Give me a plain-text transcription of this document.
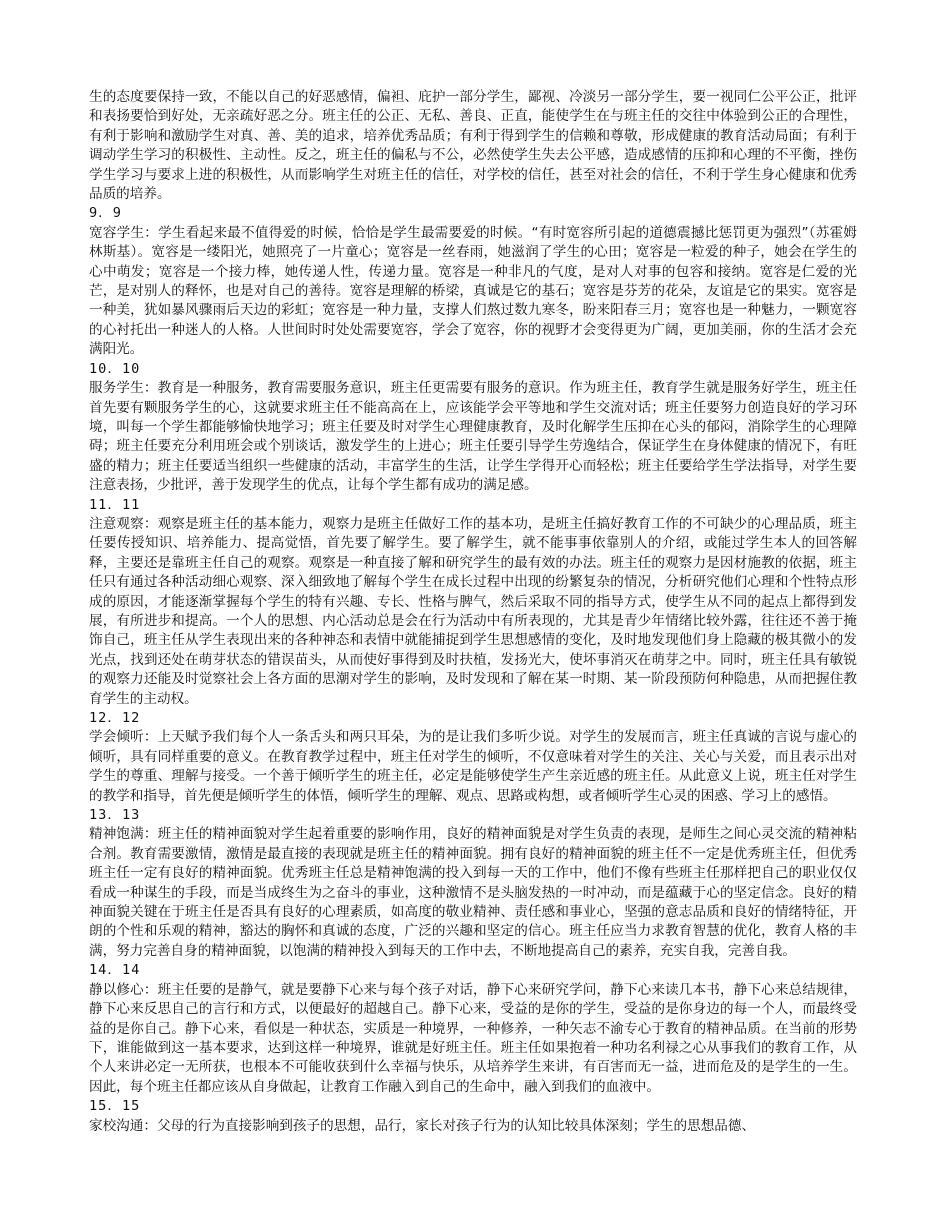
生的态度要保持一致，不能以自己的好恶感情，偏袒、庇护一部分学生，鄙视、冷淡另一部分学生，要一视同仁公平公正，批评和表扬要恰到好处，无亲疏好恶之分。班主任的公正、无私、善良、正直，能使学生在与班主任的交往中体验到公正的合理性，有利于影响和激励学生对真、善、美的追求，培养优秀品质；有利于得到学生的信赖和尊敬，形成健康的教育活动局面；有利于调动学生学习的积极性、主动性。反之，班主任的偏私与不公，必然使学生失去公平感，造成感情的压抑和心理的不平衡，挫伤学生学习与要求上进的积极性，从而影响学生对班主任的信任，对学校的信任，甚至对社会的信任，不利于学生身心健康和优秀品质的培养。

9．9

宽容学生：学生看起来最不值得爱的时候，恰恰是学生最需要爱的时候。“有时宽容所引起的道德震撼比惩罚更为强烈”（苏霍姆林斯基）。宽容是一缕阳光，她照亮了一片童心；宽容是一丝春雨，她滋润了学生的心田；宽容是一粒爱的种子，她会在学生的心中萌发；宽容是一个接力棒，她传递人性，传递力量。宽容是一种非凡的气度，是对人对事的包容和接纳。宽容是仁爱的光芒，是对别人的释怀，也是对自己的善待。宽容是理解的桥梁，真诚是它的基石；宽容是芬芳的花朵，友谊是它的果实。宽容是一种美，犹如暴风骤雨后天边的彩虹；宽容是一种力量，支撑人们熬过数九寒冬，盼来阳春三月；宽容也是一种魅力，一颗宽容的心衬托出一种迷人的人格。人世间时时处处需要宽容，学会了宽容，你的视野才会变得更为广阔，更加美丽，你的生活才会充满阳光。

10．10

服务学生：教育是一种服务，教育需要服务意识，班主任更需要有服务的意识。作为班主任，教育学生就是服务好学生，班主任首先要有颗服务学生的心，这就要求班主任不能高高在上，应该能学会平等地和学生交流对话；班主任要努力创造良好的学习环境，叫每一个学生都能够愉快地学习；班主任要及时对学生心理健康教育，及时化解学生压抑在心头的郁闷，消除学生的心理障碍；班主任要充分利用班会或个别谈话，激发学生的上进心；班主任要引导学生劳逸结合，保证学生在身体健康的情况下，有旺盛的精力；班主任要适当组织一些健康的活动，丰富学生的生活，让学生学得开心而轻松；班主任要给学生学法指导，对学生要注意表扬，少批评，善于发现学生的优点，让每个学生都有成功的满足感。

11．11

注意观察：观察是班主任的基本能力，观察力是班主任做好工作的基本功，是班主任搞好教育工作的不可缺少的心理品质，班主任要传授知识、培养能力、提高觉悟，首先要了解学生。要了解学生，就不能事事依靠别人的介绍，或能过学生本人的回答解释，主要还是靠班主任自己的观察。观察是一种直接了解和研究学生的最有效的办法。班主任的观察力是因材施教的依据，班主任只有通过各种活动细心观察、深入细致地了解每个学生在成长过程中出现的纷繁复杂的情况，分析研究他们心理和个性特点形成的原因，才能逐渐掌握每个学生的特有兴趣、专长、性格与脾气，然后采取不同的指导方式，使学生从不同的起点上都得到发展，有所进步和提高。一个人的思想、内心活动总是会在行为活动中有所表现的，尤其是青少年情绪比较外露，往往还不善于掩饰自己，班主任从学生表现出来的各种神态和表情中就能捕捉到学生思想感情的变化，及时地发现他们身上隐藏的极其微小的发光点，找到还处在萌芽状态的错误苗头，从而使好事得到及时扶植，发扬光大，使坏事消灭在萌芽之中。同时，班主任具有敏锐的观察力还能及时觉察社会上各方面的思潮对学生的影响，及时发现和了解在某一时期、某一阶段预防何种隐患，从而把握住教育学生的主动权。

12．12

学会倾听：上天赋予我们每个人一条舌头和两只耳朵，为的是让我们多听少说。对学生的发展而言，班主任真诚的言说与虚心的倾听，具有同样重要的意义。在教育教学过程中，班主任对学生的倾听，不仅意味着对学生的关注、关心与关爱，而且表示出对学生的尊重、理解与接受。一个善于倾听学生的班主任，必定是能够使学生产生亲近感的班主任。从此意义上说，班主任对学生的教学和指导，首先便是倾听学生的体悟，倾听学生的理解、观点、思路或构想，或者倾听学生心灵的困惑、学习上的感悟。

13．13

精神饱满：班主任的精神面貌对学生起着重要的影响作用，良好的精神面貌是对学生负责的表现，是师生之间心灵交流的精神粘合剂。教育需要激情，激情是最直接的表现就是班主任的精神面貌。拥有良好的精神面貌的班主任不一定是优秀班主任，但优秀班主任一定有良好的精神面貌。优秀班主任总是精神饱满的投入到每一天的工作中，他们不像有些班主任那样把自己的职业仅仅看成一种谋生的手段，而是当成终生为之奋斗的事业，这种激情不是头脑发热的一时冲动，而是蕴藏于心的坚定信念。良好的精神面貌关键在于班主任是否具有良好的心理素质，如高度的敬业精神、责任感和事业心，坚强的意志品质和良好的情绪特征，开朗的个性和乐观的精神，豁达的胸怀和真诚的态度，广泛的兴趣和坚定的信心。班主任应当力求教育智慧的优化，教育人格的丰满，努力完善自身的精神面貌，以饱满的精神投入到每天的工作中去，不断地提高自己的素养，充实自我，完善自我。

14．14

静以修心：班主任要的是静气，就是要静下心来与每个孩子对话，静下心来研究学问，静下心来读几本书，静下心来总结规律，静下心来反思自己的言行和方式，以便最好的超越自己。静下心来，受益的是你的学生，受益的是你身边的每一个人，而最终受益的是你自己。静下心来，看似是一种状态，实质是一种境界，一种修养，一种矢志不渝专心于教育的精神品质。在当前的形势下，谁能做到这一基本要求，达到这样一种境界，谁就是好班主任。班主任如果抱着一种功名利禄之心从事我们的教育工作，从个人来讲必定一无所获，也根本不可能收获到什么幸福与快乐，从培养学生来讲，有百害而无一益，进而危及的是学生的一生。因此，每个班主任都应该从自身做起，让教育工作融入到自己的生命中，融入到我们的血液中。

15．15

家校沟通：父母的行为直接影响到孩子的思想，品行，家长对孩子行为的认知比较具体深刻；学生的思想品德、
